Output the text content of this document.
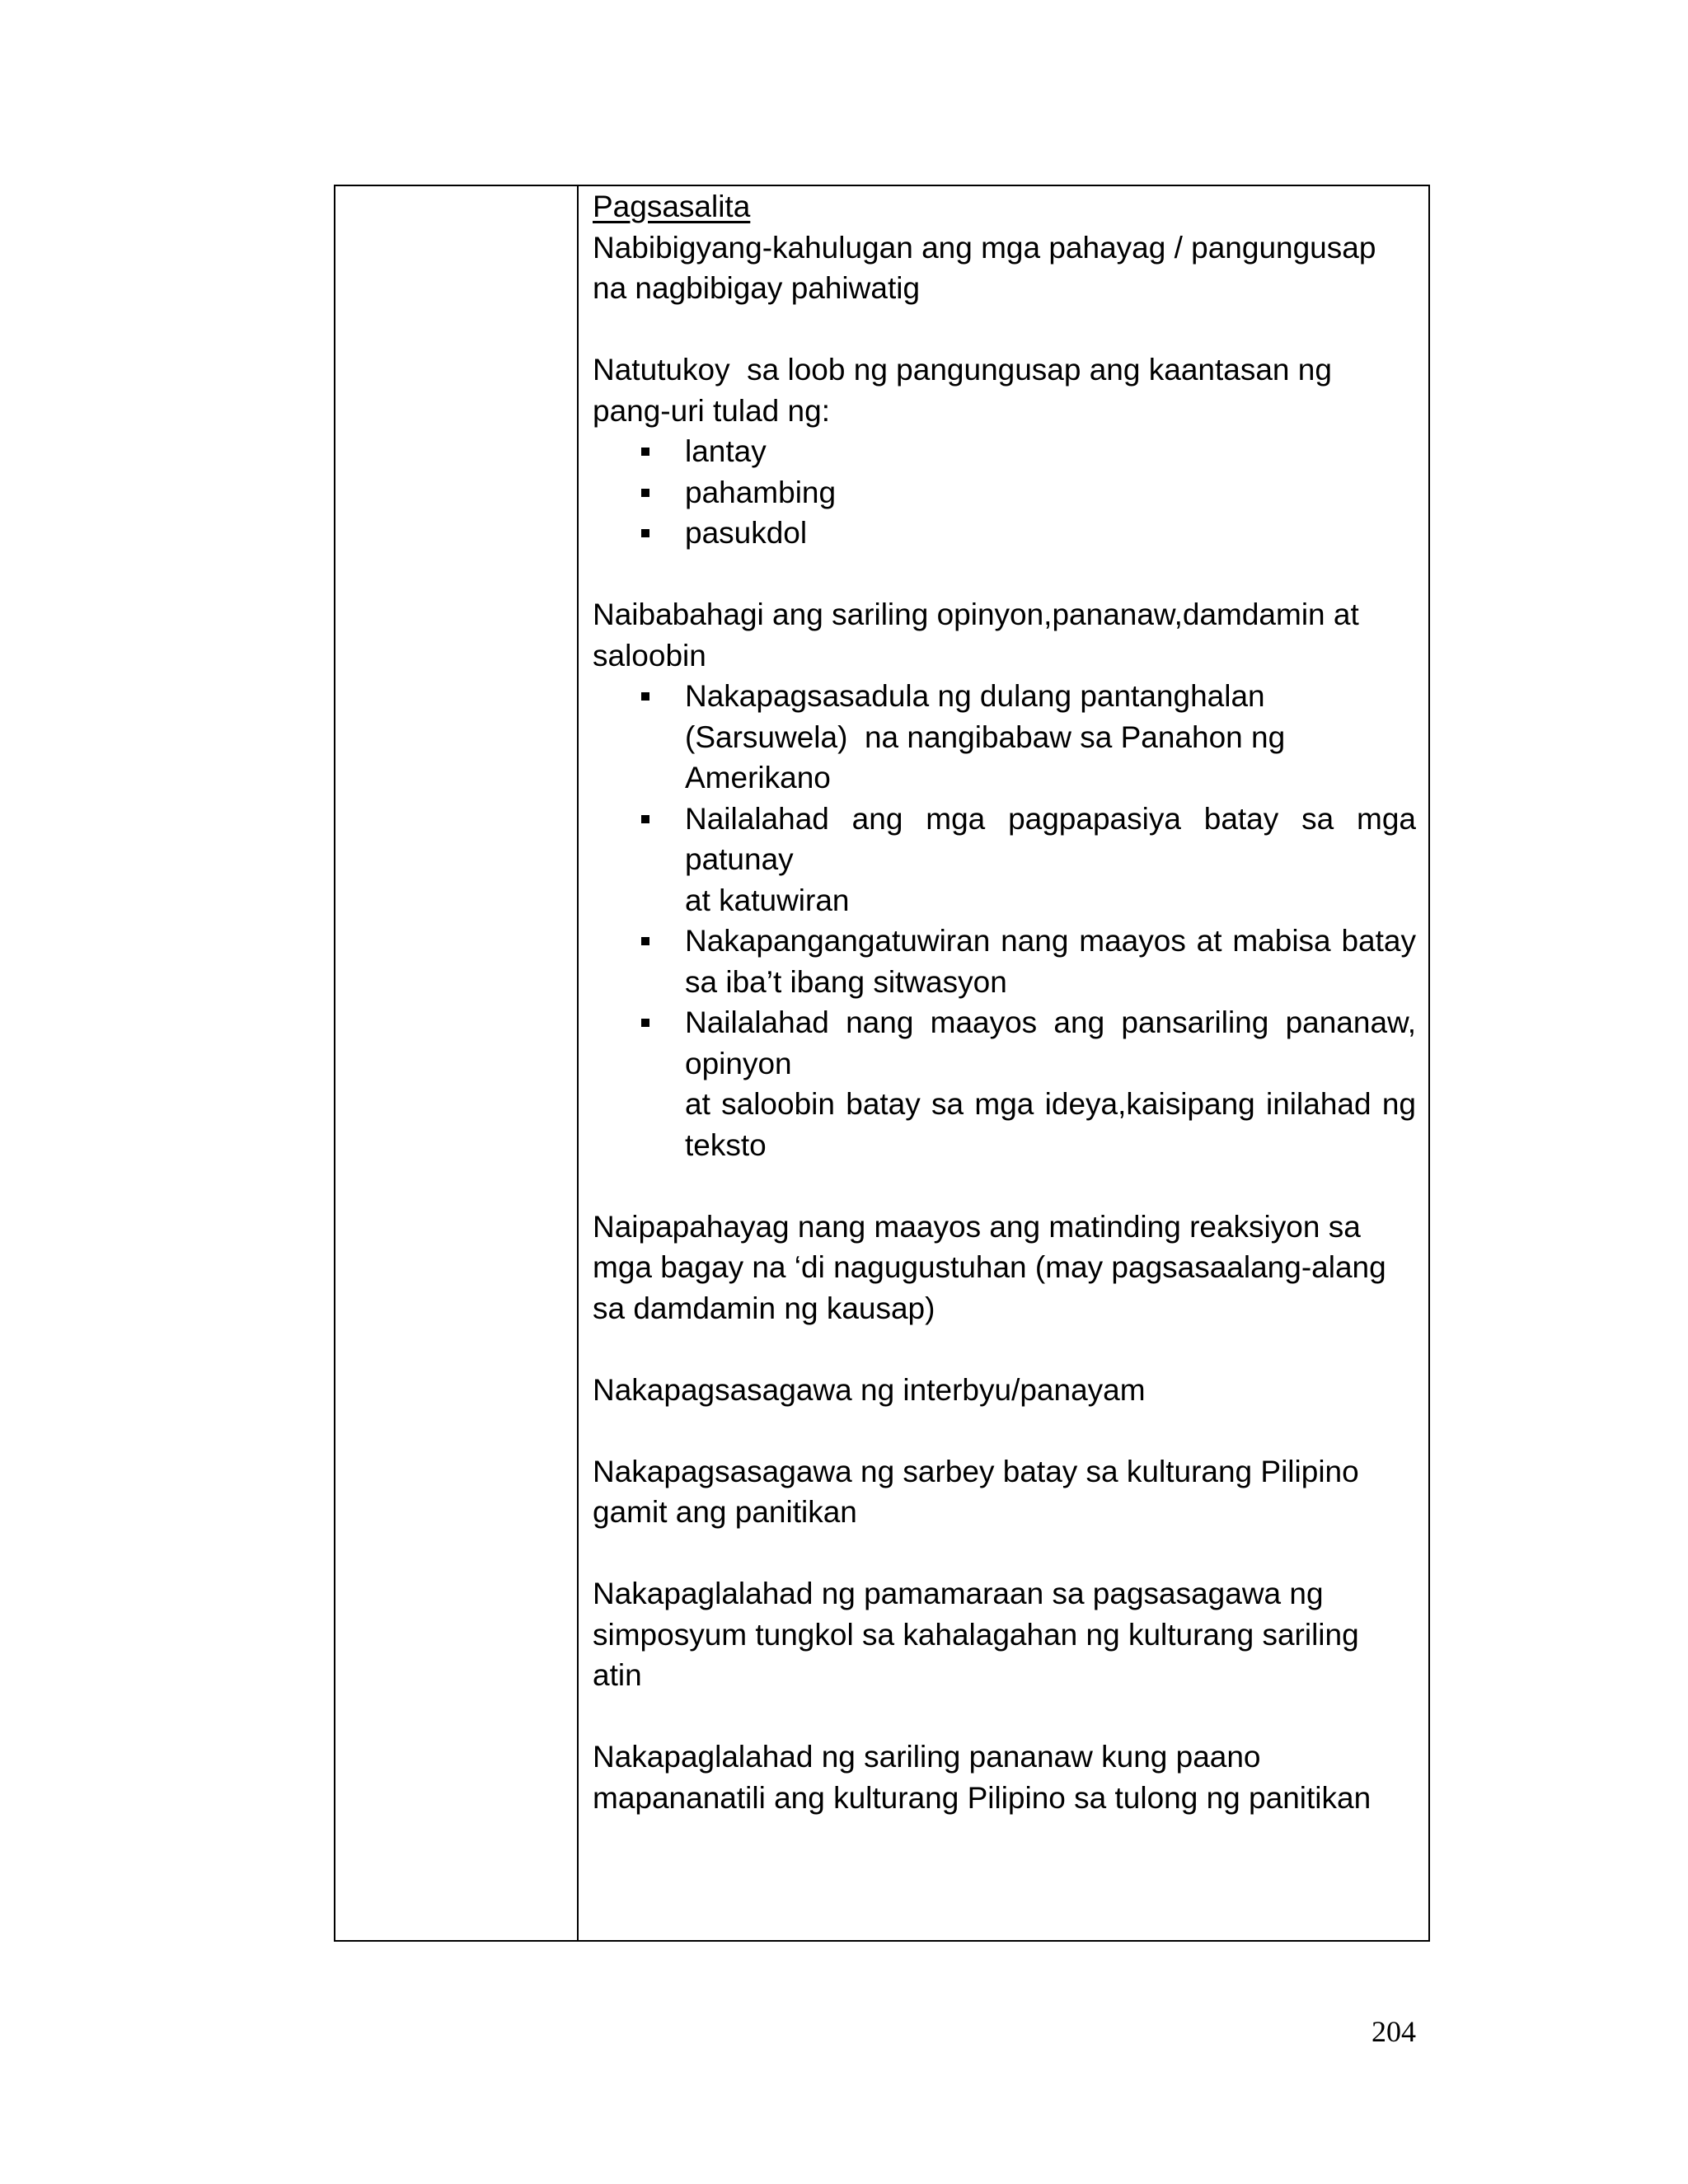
Pagsasalita
Nabibigyang-kahulugan ang mga pahayag / pangungusap
na nagbibigay pahiwatig
Natutukoy  sa loob ng pangungusap ang kaantasan ng
pang-uri tulad ng:
lantay
pahambing
pasukdol
Naibabahagi ang sariling opinyon,pananaw,damdamin at
saloobin
Nakapagsasadula ng dulang pantanghalan
(Sarsuwela)  na nangibabaw sa Panahon ng
Amerikano
Nailalahad ang mga pagpapasiya batay sa mga
patunay
at katuwiran
Nakapangangatuwiran nang maayos at mabisa batay
sa iba’t ibang sitwasyon
Nailalahad nang maayos ang pansariling pananaw,
opinyon
at saloobin batay sa mga ideya,kaisipang inilahad ng
teksto
Naipapahayag nang maayos ang matinding reaksiyon sa
mga bagay na ‘di nagugustuhan (may pagsasaalang-alang
sa damdamin ng kausap)
Nakapagsasagawa ng interbyu/panayam
Nakapagsasagawa ng sarbey batay sa kulturang Pilipino
gamit ang panitikan
Nakapaglalahad ng pamamaraan sa pagsasagawa ng
simposyum tungkol sa kahalagahan ng kulturang sariling
atin
Nakapaglalahad ng sariling pananaw kung paano
mapananatili ang kulturang Pilipino sa tulong ng panitikan
204
